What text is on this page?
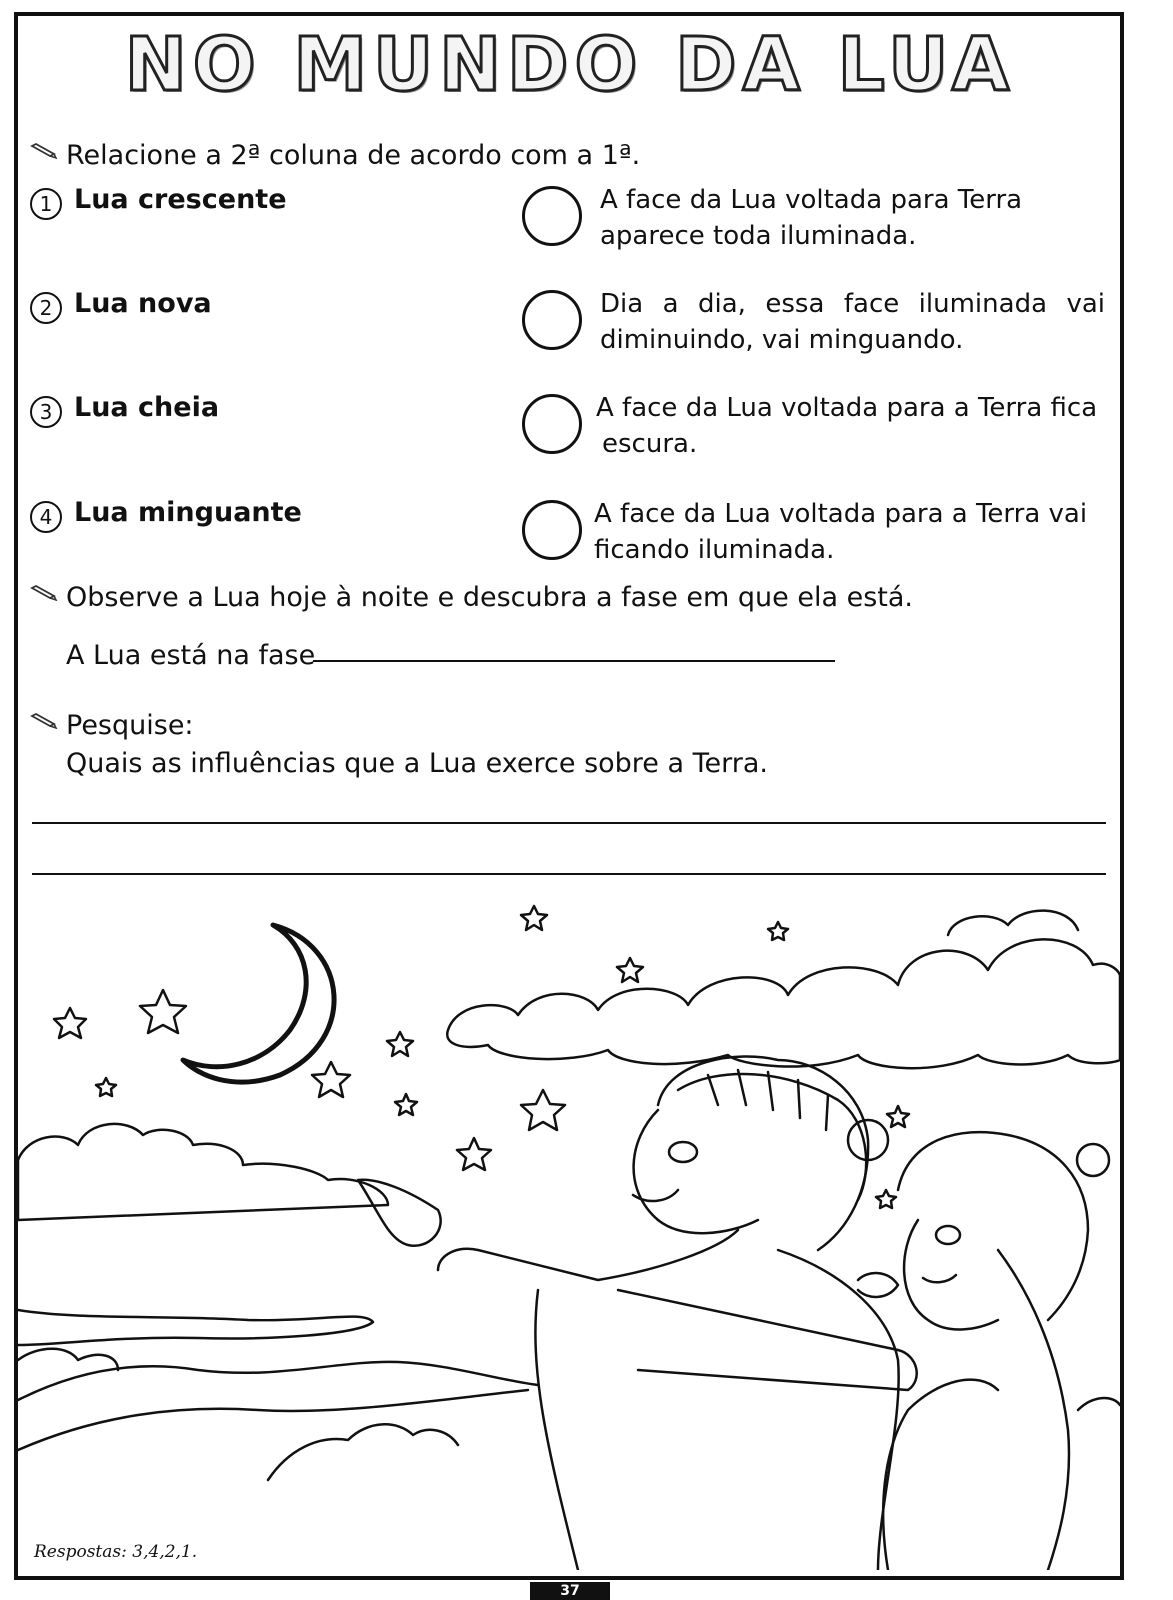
NO MUNDO DA LUA
Relacione a 2ª coluna de acordo com a 1ª.
1 Lua crescente
2 Lua nova
3 Lua cheia
4 Lua minguante
A face da Lua voltada para Terra
aparece toda iluminada.
Dia a dia, essa face iluminada vai
diminuindo, vai minguando.
A face da Lua voltada para a Terra fica
escura.
A face da Lua voltada para a Terra vai
ficando iluminada.
Observe a Lua hoje à noite e descubra a fase em que ela está.
A Lua está na fase
Pesquise:
Quais as influências que a Lua exerce sobre a Terra.
Respostas: 3,4,2,1.
37
